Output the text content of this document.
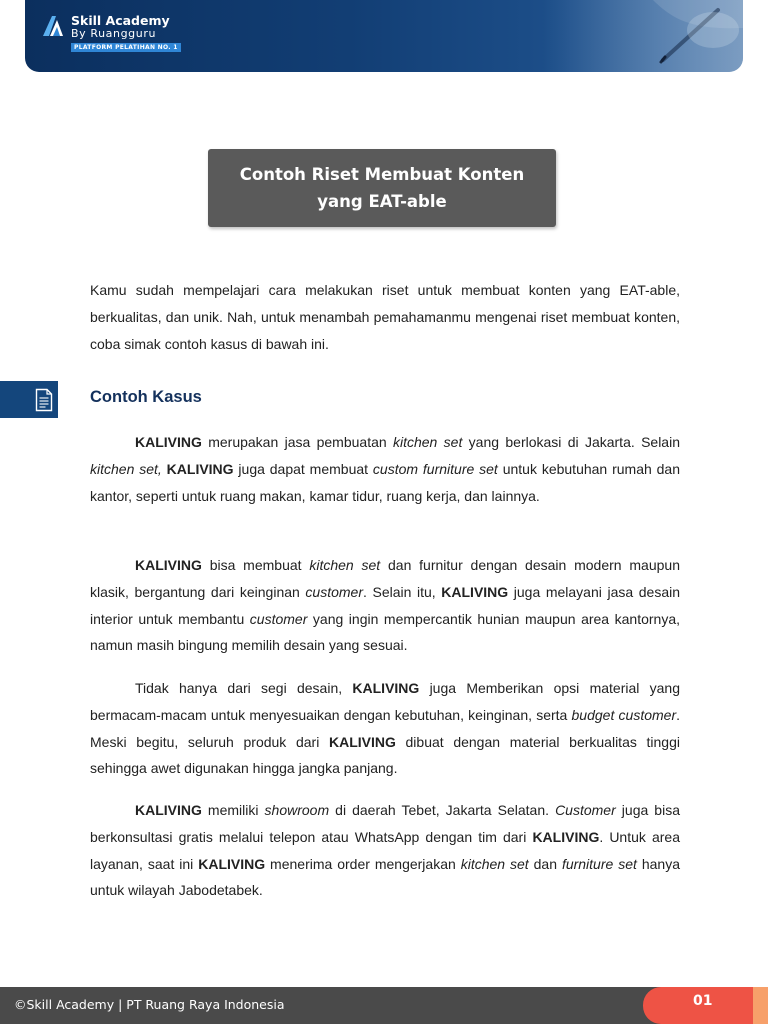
Skill Academy
By Ruangguru
PLATFORM PELATIHAN NO. 1
Contoh Riset Membuat Konten yang EAT-able

Kamu sudah mempelajari cara melakukan riset untuk membuat konten yang EAT-able, berkualitas, dan unik. Nah, untuk menambah pemahamanmu mengenai riset membuat konten, coba simak contoh kasus di bawah ini.

Contoh Kasus

KALIVING merupakan jasa pembuatan kitchen set yang berlokasi di Jakarta. Selain kitchen set, KALIVING juga dapat membuat custom furniture set untuk kebutuhan rumah dan kantor, seperti untuk ruang makan, kamar tidur, ruang kerja, dan lainnya.

KALIVING bisa membuat kitchen set dan furnitur dengan desain modern maupun klasik, bergantung dari keinginan customer. Selain itu, KALIVING juga melayani jasa desain interior untuk membantu customer yang ingin mempercantik hunian maupun area kantornya, namun masih bingung memilih desain yang sesuai.

Tidak hanya dari segi desain, KALIVING juga Memberikan opsi material yang bermacam-macam untuk menyesuaikan dengan kebutuhan, keinginan, serta budget customer. Meski begitu, seluruh produk dari KALIVING dibuat dengan material berkualitas tinggi sehingga awet digunakan hingga jangka panjang.

KALIVING memiliki showroom di daerah Tebet, Jakarta Selatan. Customer juga bisa berkonsultasi gratis melalui telepon atau WhatsApp dengan tim dari KALIVING. Untuk area layanan, saat ini KALIVING menerima order mengerjakan kitchen set dan furniture set hanya untuk wilayah Jabodetabek.

©Skill Academy | PT Ruang Raya Indonesia	01
